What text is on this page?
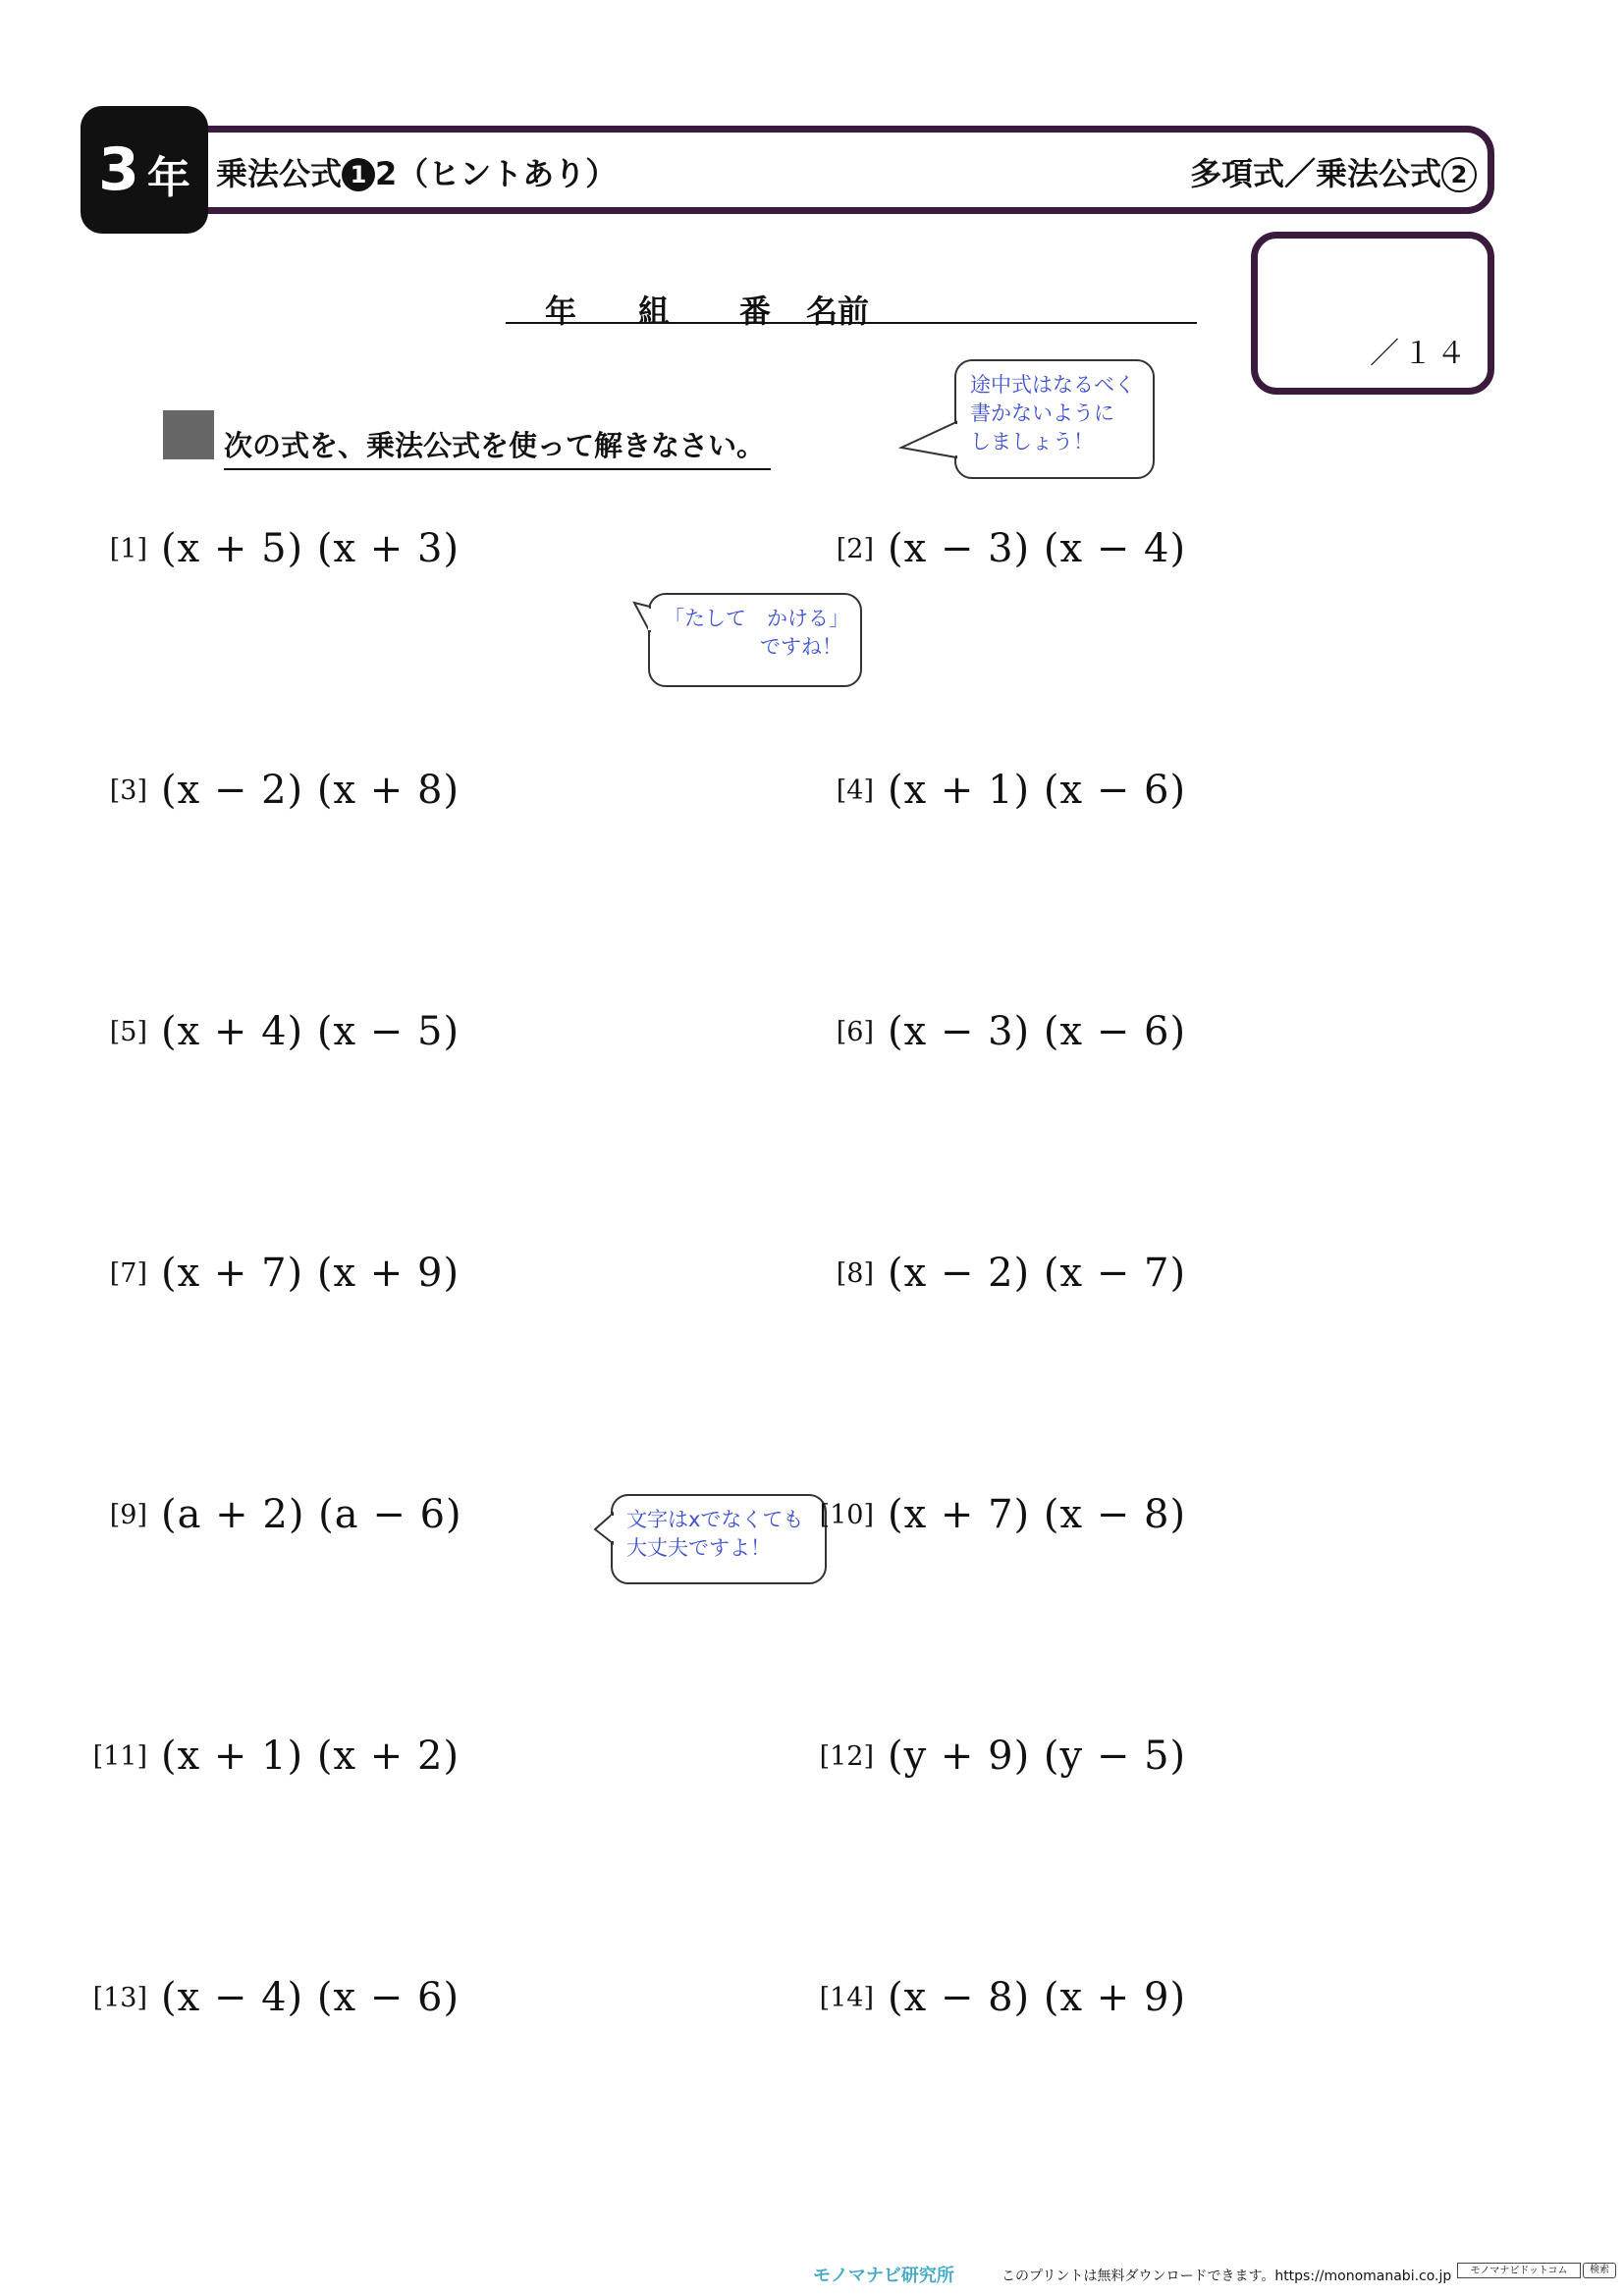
3 年 乗法公式 1 2（ヒントあり）	多項式／乗法公式 2
年 組 番 名前
／１４
次の式を、乗法公式を使って解きなさい。
途中式はなるべく
書かないように
しましょう！
「たして　かける」
ですね！
文字はxでなくても
大丈夫ですよ！
[1] (x + 5) (x + 3)	[2] (x − 3) (x − 4)
[3] (x − 2) (x + 8)	[4] (x + 1) (x − 6)
[5] (x + 4) (x − 5)	[6] (x − 3) (x − 6)
[7] (x + 7) (x + 9)	[8] (x − 2) (x − 7)
[9] (a + 2) (a − 6)	[10] (x + 7) (x − 8)
[11] (x + 1) (x + 2)	[12] (y + 9) (y − 5)
[13] (x − 4) (x − 6)	[14] (x − 8) (x + 9)
モノマナビ研究所	このプリントは無料ダウンロードできます。https://monomanabi.co.jp	モノマナビドットコム	検索
